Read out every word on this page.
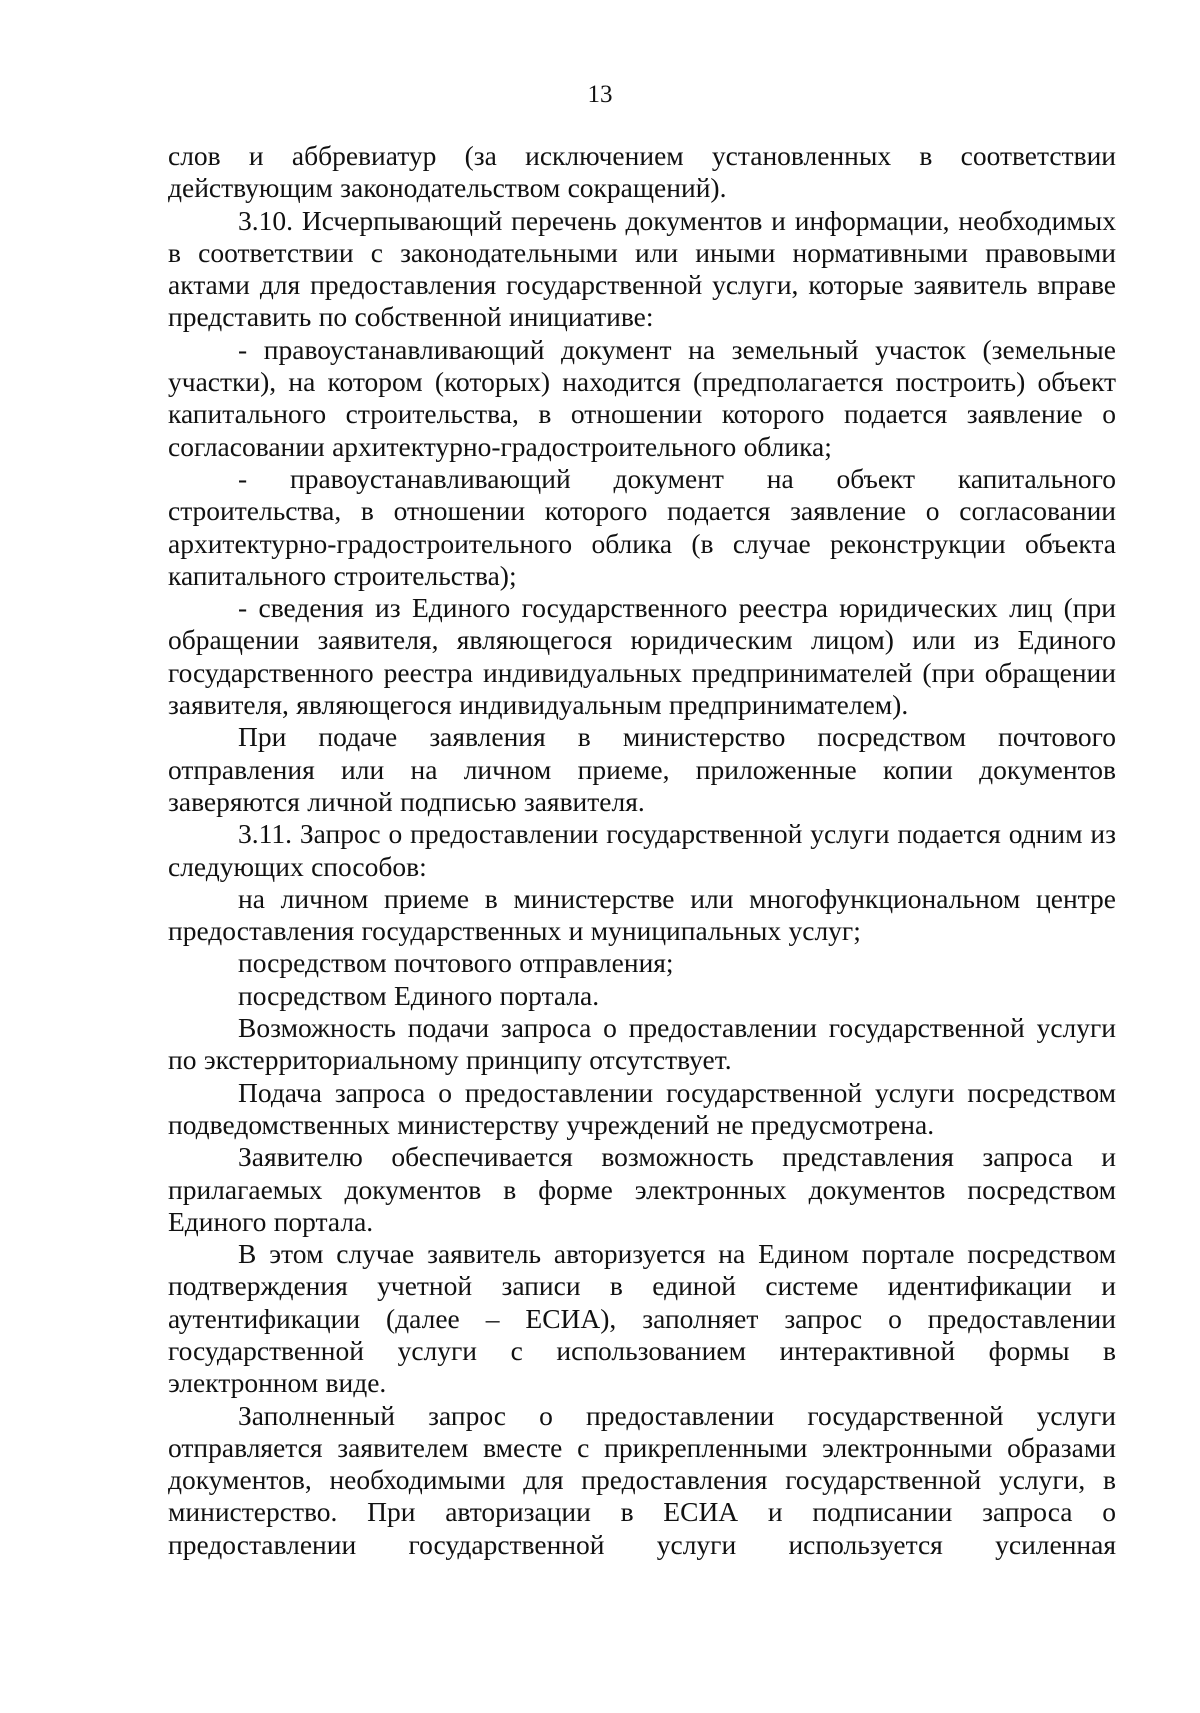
13

слов и аббревиатур (за исключением установленных в соответствии действующим законодательством сокращений).

3.10. Исчерпывающий перечень документов и информации, необходимых в соответствии с законодательными или иными нормативными правовыми актами для предоставления государственной услуги, которые заявитель вправе представить по собственной инициативе:

- правоустанавливающий документ на земельный участок (земельные участки), на котором (которых) находится (предполагается построить) объект капитального строительства, в отношении которого подается заявление о согласовании архитектурно-градостроительного облика;

- правоустанавливающий документ на объект капитального строительства, в отношении которого подается заявление о согласовании архитектурно-градостроительного облика (в случае реконструкции объекта капитального строительства);

- сведения из Единого государственного реестра юридических лиц (при обращении заявителя, являющегося юридическим лицом) или из Единого государственного реестра индивидуальных предпринимателей (при обращении заявителя, являющегося индивидуальным предпринимателем).

При подаче заявления в министерство посредством почтового отправления или на личном приеме, приложенные копии документов заверяются личной подписью заявителя.

3.11. Запрос о предоставлении государственной услуги подается одним из следующих способов:

на личном приеме в министерстве или многофункциональном центре предоставления государственных и муниципальных услуг;

посредством почтового отправления;

посредством Единого портала.

Возможность подачи запроса о предоставлении государственной услуги по экстерриториальному принципу отсутствует.

Подача запроса о предоставлении государственной услуги посредством подведомственных министерству учреждений не предусмотрена.

Заявителю обеспечивается возможность представления запроса и прилагаемых документов в форме электронных документов посредством Единого портала.

В этом случае заявитель авторизуется на Едином портале посредством подтверждения учетной записи в единой системе идентификации и аутентификации (далее – ЕСИА), заполняет запрос о предоставлении государственной услуги с использованием интерактивной формы в электронном виде.

Заполненный запрос о предоставлении государственной услуги отправляется заявителем вместе с прикрепленными электронными образами документов, необходимыми для предоставления государственной услуги, в министерство. При авторизации в ЕСИА и подписании запроса о предоставлении государственной услуги используется усиленная
